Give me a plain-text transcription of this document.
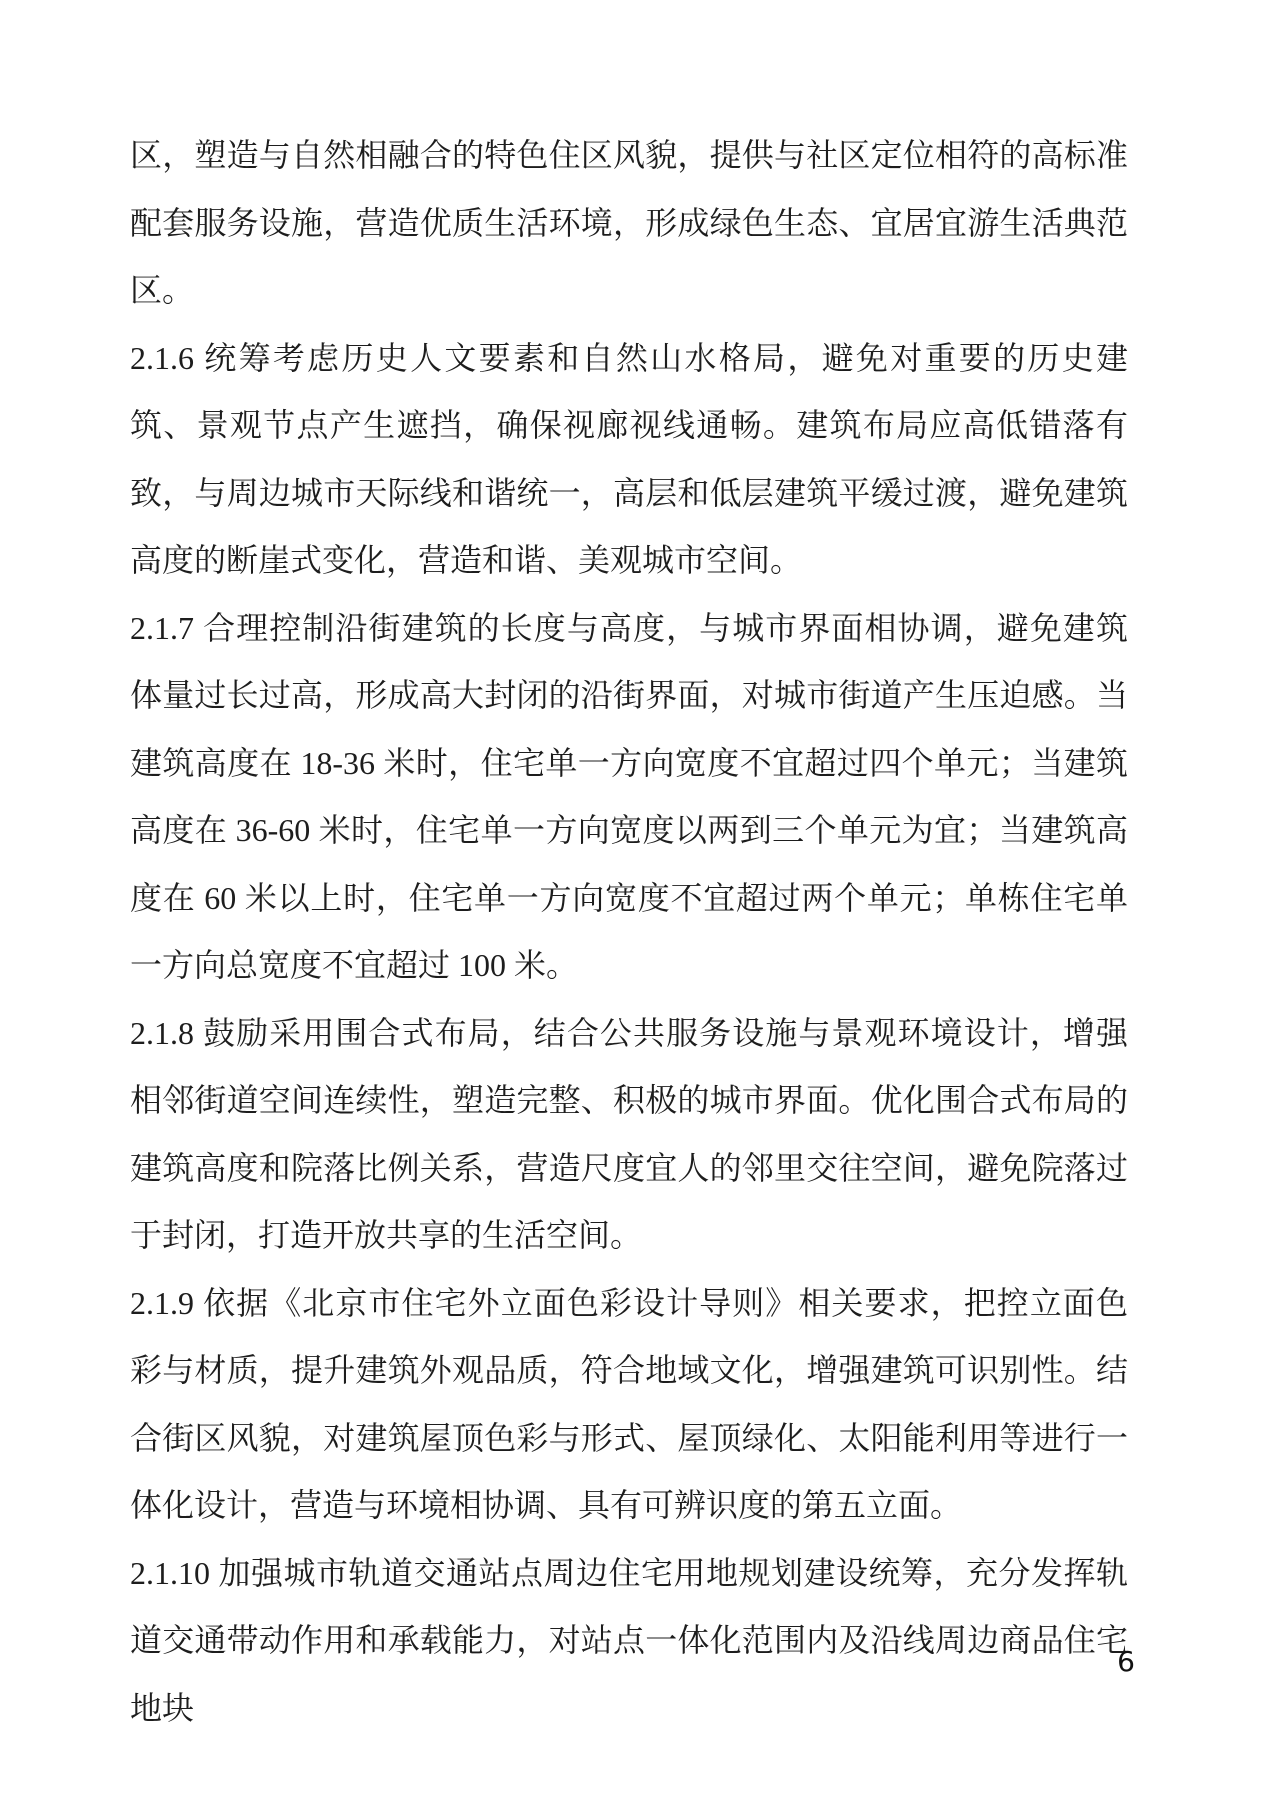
区，塑造与自然相融合的特色住区风貌，提供与社区定位相符的高标准配套服务设施，营造优质生活环境，形成绿色生态、宜居宜游生活典范区。

2.1.6 统筹考虑历史人文要素和自然山水格局，避免对重要的历史建筑、景观节点产生遮挡，确保视廊视线通畅。建筑布局应高低错落有致，与周边城市天际线和谐统一，高层和低层建筑平缓过渡，避免建筑高度的断崖式变化，营造和谐、美观城市空间。

2.1.7 合理控制沿街建筑的长度与高度，与城市界面相协调，避免建筑体量过长过高，形成高大封闭的沿街界面，对城市街道产生压迫感。当建筑高度在 18-36 米时，住宅单一方向宽度不宜超过四个单元；当建筑高度在 36-60 米时，住宅单一方向宽度以两到三个单元为宜；当建筑高度在 60 米以上时，住宅单一方向宽度不宜超过两个单元；单栋住宅单一方向总宽度不宜超过 100 米。

2.1.8 鼓励采用围合式布局，结合公共服务设施与景观环境设计，增强相邻街道空间连续性，塑造完整、积极的城市界面。优化围合式布局的建筑高度和院落比例关系，营造尺度宜人的邻里交往空间，避免院落过于封闭，打造开放共享的生活空间。

2.1.9 依据《北京市住宅外立面色彩设计导则》相关要求，把控立面色彩与材质，提升建筑外观品质，符合地域文化，增强建筑可识别性。结合街区风貌，对建筑屋顶色彩与形式、屋顶绿化、太阳能利用等进行一体化设计，营造与环境相协调、具有可辨识度的第五立面。

2.1.10 加强城市轨道交通站点周边住宅用地规划建设统筹，充分发挥轨道交通带动作用和承载能力，对站点一体化范围内及沿线周边商品住宅地块

6
